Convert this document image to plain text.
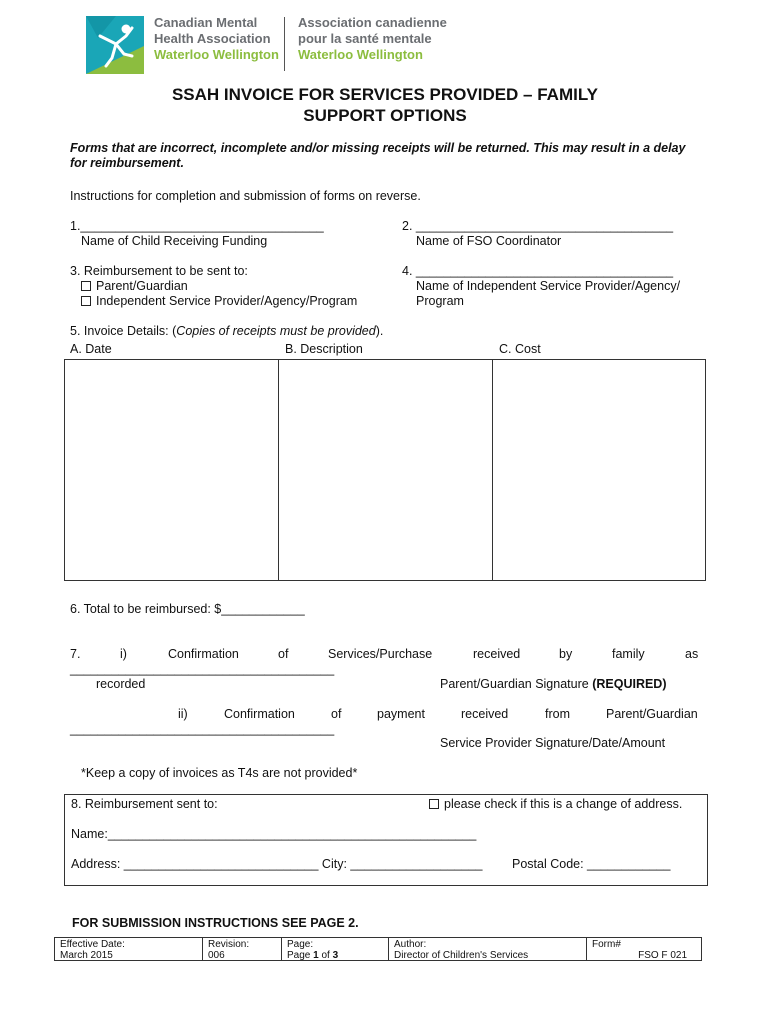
Canadian Mental
Health Association
Waterloo Wellington
Association canadienne
pour la santé mentale
Waterloo Wellington
SSAH INVOICE FOR SERVICES PROVIDED – FAMILY
SUPPORT OPTIONS
Forms that are incorrect, incomplete and/or missing receipts will be returned. This may result in a delay
for reimbursement.
Instructions for completion and submission of forms on reverse.
1.___________________________________
Name of Child Receiving Funding
2. _____________________________________
Name of FSO Coordinator
3. Reimbursement to be sent to:
Parent/Guardian
Independent Service Provider/Agency/Program
4. _____________________________________
Name of Independent Service Provider/Agency/
Program
5. Invoice Details: (Copies of receipts must be provided).
A. Date	B. Description	C. Cost
6. Total to be reimbursed: $____________
7.	i)	Confirmation	of	Services/Purchase	received	by	family	as
______________________________________
recorded	Parent/Guardian Signature (REQUIRED)
ii)	Confirmation	of	payment	received	from	Parent/Guardian
______________________________________
Service Provider Signature/Date/Amount
*Keep a copy of invoices as T4s are not provided*
8. Reimbursement sent to:	please check if this is a change of address.
Name:_____________________________________________________
Address: ____________________________ City: ___________________ Postal Code: ____________
FOR SUBMISSION INSTRUCTIONS SEE PAGE 2.
Effective Date:
March 2015
Revision:
006
Page:
Page 1 of 3
Author:
Director of Children's Services
Form#
FSO F 021
